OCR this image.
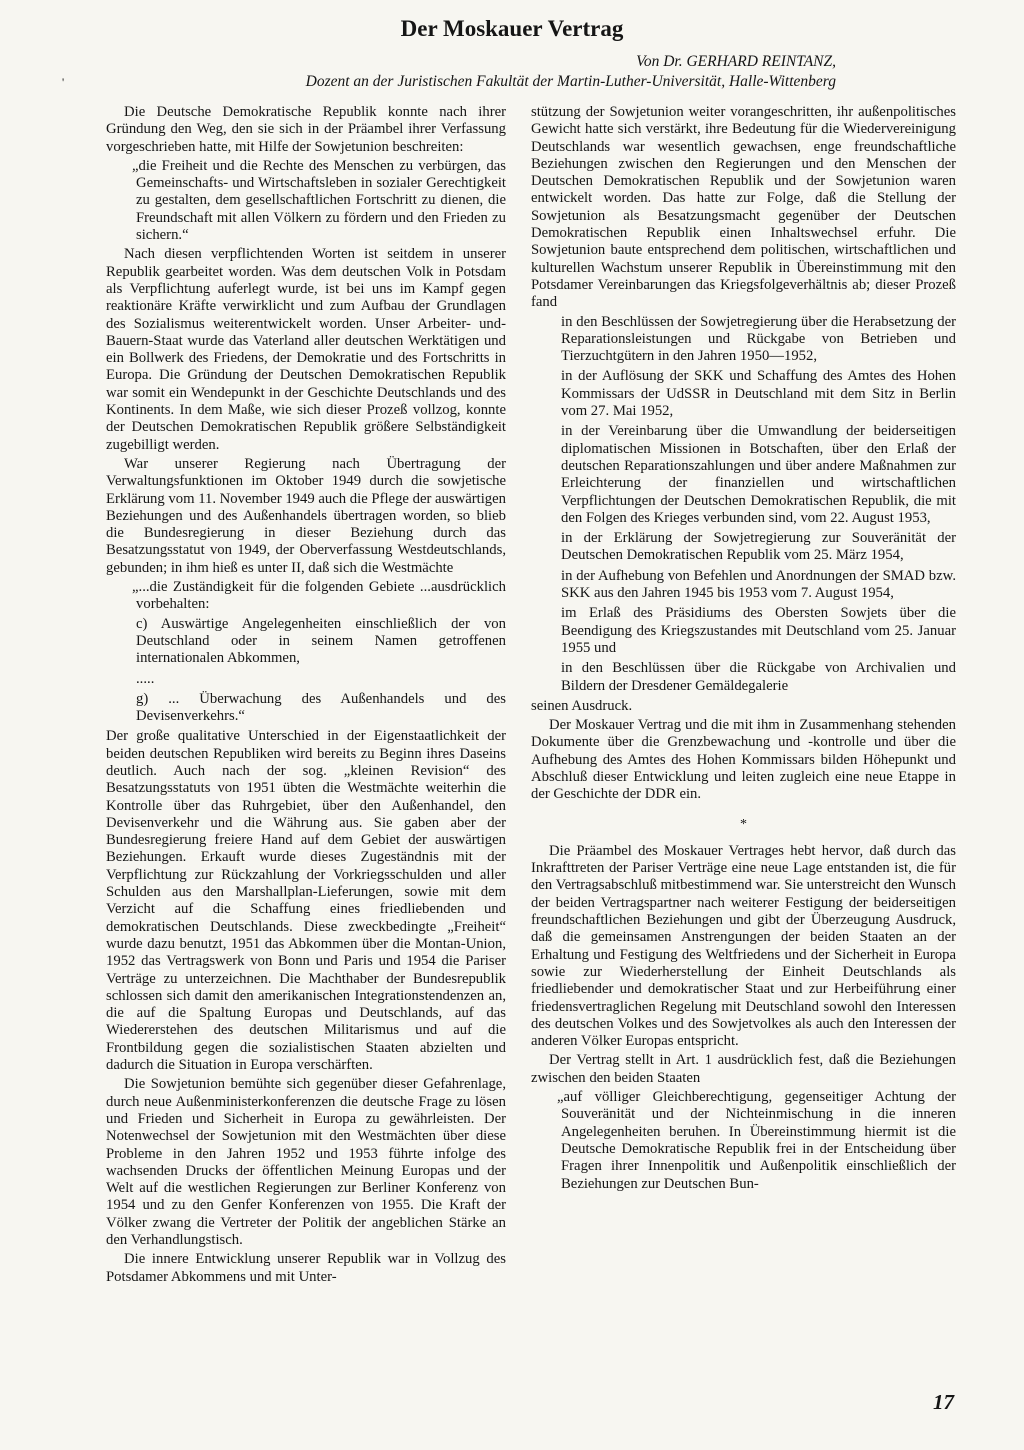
Der Moskauer Vertrag
Von Dr. GERHARD REINTANZ,
Dozent an der Juristischen Fakultät der Martin-Luther-Universität, Halle-Wittenberg
'

Die Deutsche Demokratische Republik konnte nach ihrer Gründung den Weg, den sie sich in der Präambel ihrer Verfassung vorgeschrieben hatte, mit Hilfe der Sowjetunion beschreiten:

„die Freiheit und die Rechte des Menschen zu verbürgen, das Gemeinschafts- und Wirtschaftsleben in sozialer Gerechtigkeit zu gestalten, dem gesellschaftlichen Fortschritt zu dienen, die Freundschaft mit allen Völkern zu fördern und den Frieden zu sichern.“

Nach diesen verpflichtenden Worten ist seitdem in unserer Republik gearbeitet worden. Was dem deutschen Volk in Potsdam als Verpflichtung auferlegt wurde, ist bei uns im Kampf gegen reaktionäre Kräfte verwirklicht und zum Aufbau der Grundlagen des Sozialismus weiterentwickelt worden. Unser Arbeiter- und-Bauern-Staat wurde das Vaterland aller deutschen Werktätigen und ein Bollwerk des Friedens, der Demokratie und des Fortschritts in Europa. Die Gründung der Deutschen Demokratischen Republik war somit ein Wendepunkt in der Geschichte Deutschlands und des Kontinents. In dem Maße, wie sich dieser Prozeß vollzog, konnte der Deutschen Demokratischen Republik größere Selbständigkeit zugebilligt werden.

War unserer Regierung nach Übertragung der Verwaltungsfunktionen im Oktober 1949 durch die sowjetische Erklärung vom 11. November 1949 auch die Pflege der auswärtigen Beziehungen und des Außenhandels übertragen worden, so blieb die Bundesregierung in dieser Beziehung durch das Besatzungsstatut von 1949, der Oberverfassung Westdeutschlands, gebunden; in ihm hieß es unter II, daß sich die Westmächte

„...die Zuständigkeit für die folgenden Gebiete ...ausdrücklich vorbehalten:

c) Auswärtige Angelegenheiten einschließlich der von Deutschland oder in seinem Namen getroffenen internationalen Abkommen,

.....

g) ... Überwachung des Außenhandels und des Devisenverkehrs.“

Der große qualitative Unterschied in der Eigenstaatlichkeit der beiden deutschen Republiken wird bereits zu Beginn ihres Daseins deutlich. Auch nach der sog. „kleinen Revision“ des Besatzungsstatuts von 1951 übten die Westmächte weiterhin die Kontrolle über das Ruhrgebiet, über den Außenhandel, den Devisenverkehr und die Währung aus. Sie gaben aber der Bundesregierung freiere Hand auf dem Gebiet der auswärtigen Beziehungen. Erkauft wurde dieses Zugeständnis mit der Verpflichtung zur Rückzahlung der Vorkriegsschulden und aller Schulden aus den Marshallplan-Lieferungen, sowie mit dem Verzicht auf die Schaffung eines friedliebenden und demokratischen Deutschlands. Diese zweckbedingte „Freiheit“ wurde dazu benutzt, 1951 das Abkommen über die Montan-Union, 1952 das Vertragswerk von Bonn und Paris und 1954 die Pariser Verträge zu unterzeichnen. Die Machthaber der Bundesrepublik schlossen sich damit den amerikanischen Integrationstendenzen an, die auf die Spaltung Europas und Deutschlands, auf das Wiedererstehen des deutschen Militarismus und auf die Frontbildung gegen die sozialistischen Staaten abzielten und dadurch die Situation in Europa verschärften.

Die Sowjetunion bemühte sich gegenüber dieser Gefahrenlage, durch neue Außenministerkonferenzen die deutsche Frage zu lösen und Frieden und Sicherheit in Europa zu gewährleisten. Der Notenwechsel der Sowjetunion mit den Westmächten über diese Probleme in den Jahren 1952 und 1953 führte infolge des wachsenden Drucks der öffentlichen Meinung Europas und der Welt auf die westlichen Regierungen zur Berliner Konferenz von 1954 und zu den Genfer Konferenzen von 1955. Die Kraft der Völker zwang die Vertreter der Politik der angeblichen Stärke an den Verhandlungstisch.

Die innere Entwicklung unserer Republik war in Vollzug des Potsdamer Abkommens und mit Unter-

stützung der Sowjetunion weiter vorangeschritten, ihr außenpolitisches Gewicht hatte sich verstärkt, ihre Bedeutung für die Wiedervereinigung Deutschlands war wesentlich gewachsen, enge freundschaftliche Beziehungen zwischen den Regierungen und den Menschen der Deutschen Demokratischen Republik und der Sowjetunion waren entwickelt worden. Das hatte zur Folge, daß die Stellung der Sowjetunion als Besatzungsmacht gegenüber der Deutschen Demokratischen Republik einen Inhaltswechsel erfuhr. Die Sowjetunion baute entsprechend dem politischen, wirtschaftlichen und kulturellen Wachstum unserer Republik in Übereinstimmung mit den Potsdamer Vereinbarungen das Kriegsfolgeverhältnis ab; dieser Prozeß fand

in den Beschlüssen der Sowjetregierung über die Herabsetzung der Reparationsleistungen und Rückgabe von Betrieben und Tierzuchtgütern in den Jahren 1950—1952,

in der Auflösung der SKK und Schaffung des Amtes des Hohen Kommissars der UdSSR in Deutschland mit dem Sitz in Berlin vom 27. Mai 1952,

in der Vereinbarung über die Umwandlung der beiderseitigen diplomatischen Missionen in Botschaften, über den Erlaß der deutschen Reparationszahlungen und über andere Maßnahmen zur Erleichterung der finanziellen und wirtschaftlichen Verpflichtungen der Deutschen Demokratischen Republik, die mit den Folgen des Krieges verbunden sind, vom 22. August 1953,

in der Erklärung der Sowjetregierung zur Souveränität der Deutschen Demokratischen Republik vom 25. März 1954,

in der Aufhebung von Befehlen und Anordnungen der SMAD bzw. SKK aus den Jahren 1945 bis 1953 vom 7. August 1954,

im Erlaß des Präsidiums des Obersten Sowjets über die Beendigung des Kriegszustandes mit Deutschland vom 25. Januar 1955 und

in den Beschlüssen über die Rückgabe von Archivalien und Bildern der Dresdener Gemäldegalerie

seinen Ausdruck.

Der Moskauer Vertrag und die mit ihm in Zusammenhang stehenden Dokumente über die Grenzbewachung und -kontrolle und über die Aufhebung des Amtes des Hohen Kommissars bilden Höhepunkt und Abschluß dieser Entwicklung und leiten zugleich eine neue Etappe in der Geschichte der DDR ein.

*

Die Präambel des Moskauer Vertrages hebt hervor, daß durch das Inkrafttreten der Pariser Verträge eine neue Lage entstanden ist, die für den Vertragsabschluß mitbestimmend war. Sie unterstreicht den Wunsch der beiden Vertragspartner nach weiterer Festigung der beiderseitigen freundschaftlichen Beziehungen und gibt der Überzeugung Ausdruck, daß die gemeinsamen Anstrengungen der beiden Staaten an der Erhaltung und Festigung des Weltfriedens und der Sicherheit in Europa sowie zur Wiederherstellung der Einheit Deutschlands als friedliebender und demokratischer Staat und zur Herbeiführung einer friedensvertraglichen Regelung mit Deutschland sowohl den Interessen des deutschen Volkes und des Sowjetvolkes als auch den Interessen der anderen Völker Europas entspricht.

Der Vertrag stellt in Art. 1 ausdrücklich fest, daß die Beziehungen zwischen den beiden Staaten

„auf völliger Gleichberechtigung, gegenseitiger Achtung der Souveränität und der Nichteinmischung in die inneren Angelegenheiten beruhen. In Übereinstimmung hiermit ist die Deutsche Demokratische Republik frei in der Entscheidung über Fragen ihrer Innenpolitik und Außenpolitik einschließlich der Beziehungen zur Deutschen Bun-

17
